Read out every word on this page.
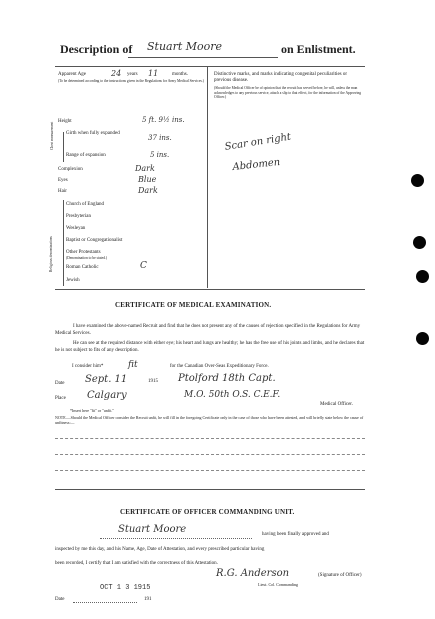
Description of Stuart Moore	on Enlistment.
Apparent Age	24 years 11	months.
(To be determined according to the instructions given in the Regulations for Army Medical Services.)
Height	5 ft. 9½ ins.
Chest measurement Girth when fully expanded
37 ins.
Range of expansion	5 ins.
Complexion	Dark
Eyes	Blue
Hair	Dark
Religious denominations
Church of England
Presbyterian
Wesleyan
Baptist or Congregationalist
Other Protestants
(Denomination to be stated.)
Roman Catholic	C
Jewish
Distinctive marks, and marks indicating congenital peculiarities or previous disease.
(Should the Medical Officer be of opinion that the recruit has served before, he will, unless the man acknowledges to any previous service, attach a slip to that effect, for the information of the Approving Officer.)
Scar on right
Abdomen
CERTIFICATE OF MEDICAL EXAMINATION.
I have examined the above-named Recruit and find that he does not present any of the causes of rejection specified in the Regulations for Army Medical Services.
He can see at the required distance with either eye; his heart and lungs are healthy; he has the free use of his joints and limbs, and he declares that he is not subject to fits of any description.
I consider him*	fit	for the Canadian Over-Seas Expeditionary Force.
Date Sept. 11	1915
Place Calgary
Ptolford 18th Capt.
M.O. 50th O.S. C.E.F.
Medical Officer.
*Insert here "fit" or "unfit."
NOTE.—Should the Medical Officer consider the Recruit unfit, he will fill in the foregoing Certificate only in the case of those who have been attested, and will briefly state below the cause of unfitness:—
CERTIFICATE OF OFFICER COMMANDING UNIT.
Stuart Moore	having been finally approved and
inspected by me this day, and his Name, Age, Date of Attestation, and every prescribed particular having
been recorded, I certify that I am satisfied with the correctness of this Attestation.
R.G. Anderson	(Signature of Officer)
Lieut. Col. Commanding
Date
OCT 1 3 1915
191
